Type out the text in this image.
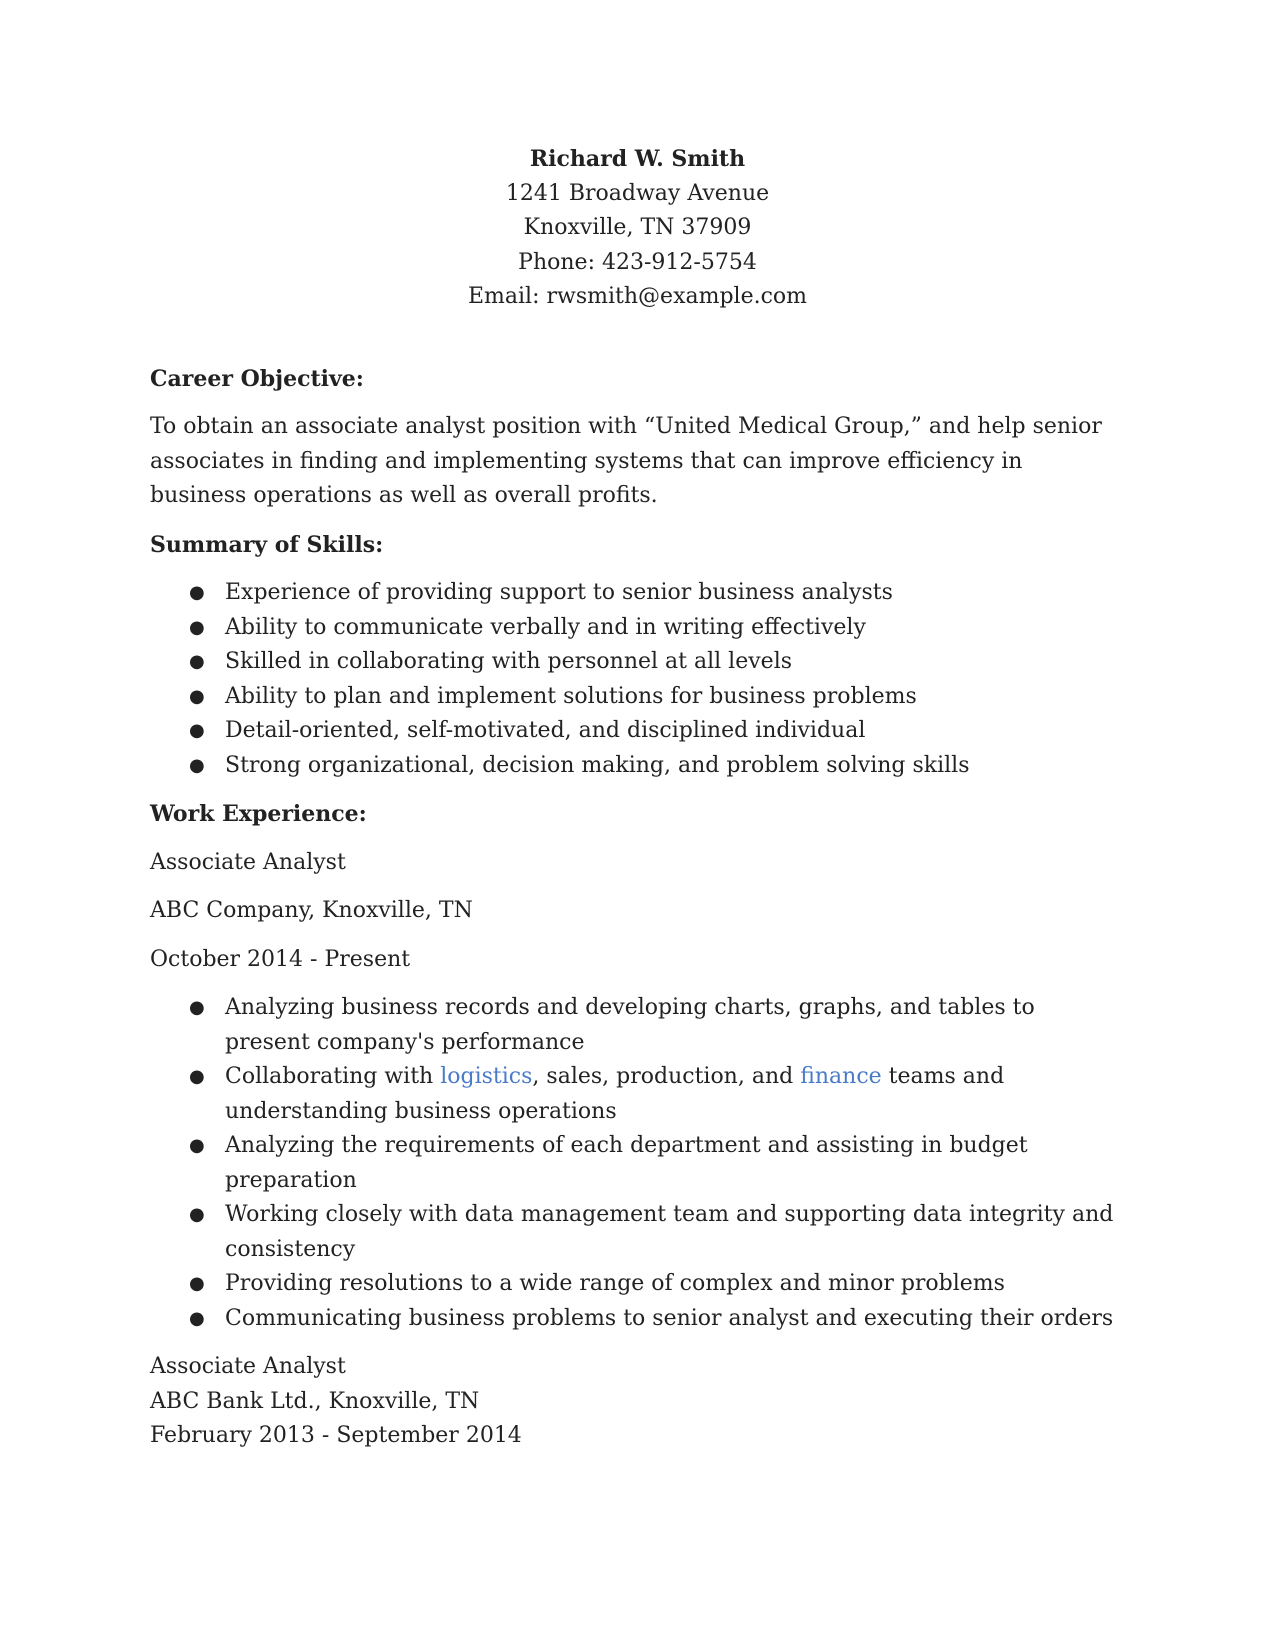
Richard W. Smith
1241 Broadway Avenue
Knoxville, TN 37909
Phone: 423-912-5754
Email: rwsmith@example.com
Career Objective:

To obtain an associate analyst position with “United Medical Group,” and help senior associates in finding and implementing systems that can improve efficiency in business operations as well as overall profits.

Summary of Skills:
● Experience of providing support to senior business analysts
● Ability to communicate verbally and in writing effectively
● Skilled in collaborating with personnel at all levels
● Ability to plan and implement solutions for business problems
● Detail-oriented, self-motivated, and disciplined individual
● Strong organizational, decision making, and problem solving skills
Work Experience:

Associate Analyst

ABC Company, Knoxville, TN

October 2014 - Present

● Analyzing business records and developing charts, graphs, and tables to present company's performance
● Collaborating with logistics, sales, production, and finance teams and understanding business operations
● Analyzing the requirements of each department and assisting in budget preparation
● Working closely with data management team and supporting data integrity and consistency
● Providing resolutions to a wide range of complex and minor problems
● Communicating business problems to senior analyst and executing their orders

Associate Analyst

ABC Bank Ltd., Knoxville, TN

February 2013 - September 2014
